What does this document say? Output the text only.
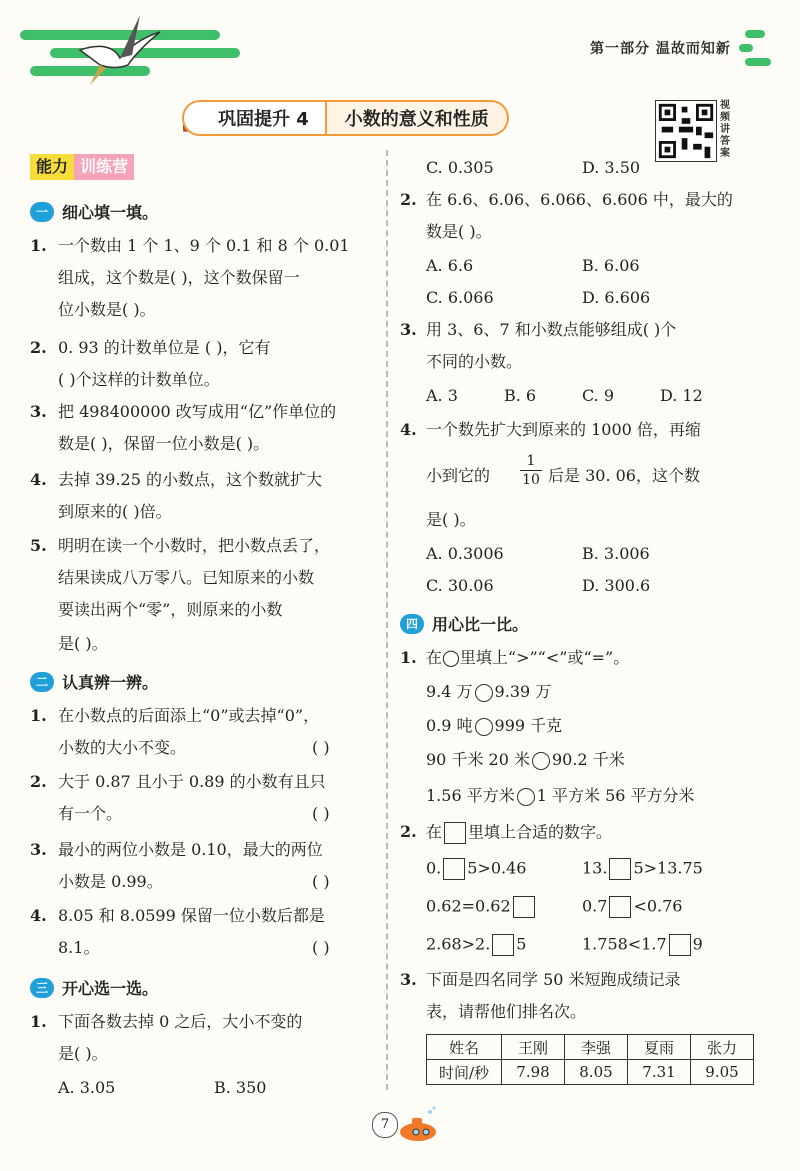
第一部分 温故而知新
巩固提升 4	小数的意义和性质
视频讲答案
能力 训练营
一 细心填一填。
1. 一个数由 1 个 1、9 个 0.1 和 8 个 0.01
组成，这个数是( )，这个数保留一
位小数是( )。
2. 0. 93 的计数单位是 ( )，它有
( )个这样的计数单位。
3. 把 498400000 改写成用“亿”作单位的
数是( )，保留一位小数是( )。
4. 去掉 39.25 的小数点，这个数就扩大
到原来的( )倍。
5. 明明在读一个小数时，把小数点丢了，
结果读成八万零八。已知原来的小数
要读出两个“零”，则原来的小数
是( )。
二 认真辨一辨。
1. 在小数点的后面添上“0”或去掉“0”，
小数的大小不变。	( )
2. 大于 0.87 且小于 0.89 的小数有且只
有一个。	( )
3. 最小的两位小数是 0.10，最大的两位
小数是 0.99。	( )
4. 8.05 和 8.0599 保留一位小数后都是
8.1。	( )
三 开心选一选。
1. 下面各数去掉 0 之后，大小不变的
是( )。
A. 3.05	B. 350
C. 0.305	D. 3.50
2. 在 6.6、6.06、6.066、6.606 中，最大的
数是( )。
A. 6.6	B. 6.06
C. 6.066	D. 6.606
3. 用 3、6、7 和小数点能够组成( )个
不同的小数。
A. 3	B. 6	C. 9	D. 12
4. 一个数先扩大到原来的 1000 倍，再缩
小到它的 $\frac{1}{10}$ 后是 30. 06，这个数
是( )。
A. 0.3006	B. 3.006
C. 30.06	D. 300.6
四 用心比一比。
1. 在◯里填上“>”“<”或“=”。
9.4 万 9.39 万
0.9 吨 999 千克
90 千米 20 米 90.2 千米
1.56 平方米 1 平方米 56 平方分米
2. 在 里填上合适的数字。
0. 5>0.46	13. 5>13.75
0.62=0.62	0.7 <0.76
2.68>2. 5	1.758<1.7 9
3. 下面是四名同学 50 米短跑成绩记录
表，请帮他们排名次。
姓名	王刚	李强	夏雨	张力
时间/秒	7.98	8.05	7.31	9.05
7
